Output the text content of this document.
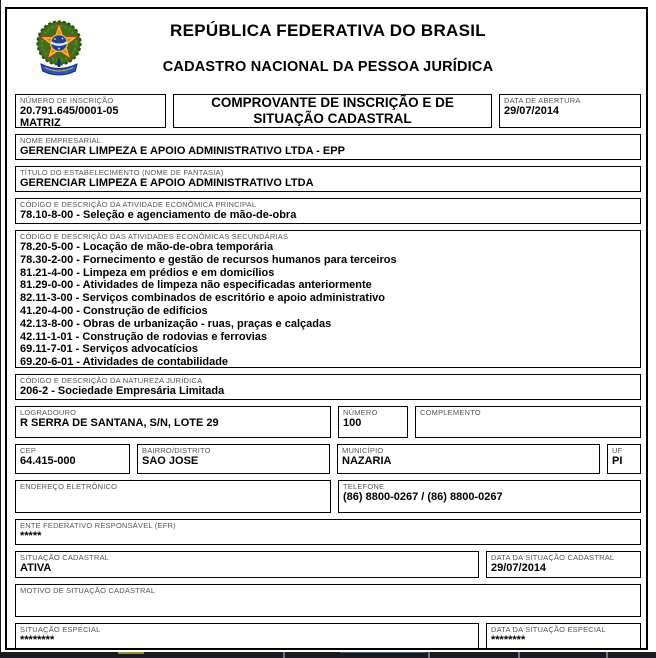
REPÚBLICA FEDERATIVA DO BRASIL
CADASTRO NACIONAL DA PESSOA JURÍDICA
NÚMERO DE INSCRIÇÃO
20.791.645/0001-05
MATRIZ
COMPROVANTE DE INSCRIÇÃO E DE
SITUAÇÃO CADASTRAL
DATA DE ABERTURA
29/07/2014
NOME EMPRESARIAL
GERENCIAR LIMPEZA E APOIO ADMINISTRATIVO LTDA - EPP
TÍTULO DO ESTABELECIMENTO (NOME DE FANTASIA)
GERENCIAR LIMPEZA E APOIO ADMINISTRATIVO LTDA
CÓDIGO E DESCRIÇÃO DA ATIVIDADE ECONÔMICA PRINCIPAL
78.10-8-00 - Seleção e agenciamento de mão-de-obra
CÓDIGO E DESCRIÇÃO DAS ATIVIDADES ECONÔMICAS SECUNDÁRIAS
78.20-5-00 - Locação de mão-de-obra temporária
78.30-2-00 - Fornecimento e gestão de recursos humanos para terceiros
81.21-4-00 - Limpeza em prédios e em domicílios
81.29-0-00 - Atividades de limpeza não especificadas anteriormente
82.11-3-00 - Serviços combinados de escritório e apoio administrativo
41.20-4-00 - Construção de edifícios
42.13-8-00 - Obras de urbanização - ruas, praças e calçadas
42.11-1-01 - Construção de rodovias e ferrovias
69.11-7-01 - Serviços advocatícios
69.20-6-01 - Atividades de contabilidade
CÓDIGO E DESCRIÇÃO DA NATUREZA JURÍDICA
206-2 - Sociedade Empresária Limitada
LOGRADOURO
R SERRA DE SANTANA, S/N, LOTE 29
NÚMERO
100
COMPLEMENTO
CEP
64.415-000
BAIRRO/DISTRITO
SAO JOSE
MUNICÍPIO
NAZARIA
UF
PI
ENDEREÇO ELETRÔNICO	TELEFONE
(86) 8800-0267 / (86) 8800-0267
ENTE FEDERATIVO RESPONSÁVEL (EFR)
*****
SITUAÇÃO CADASTRAL
ATIVA
DATA DA SITUAÇÃO CADASTRAL
29/07/2014
MOTIVO DE SITUAÇÃO CADASTRAL
SITUAÇÃO ESPECIAL
********
DATA DA SITUAÇÃO ESPECIAL
********
